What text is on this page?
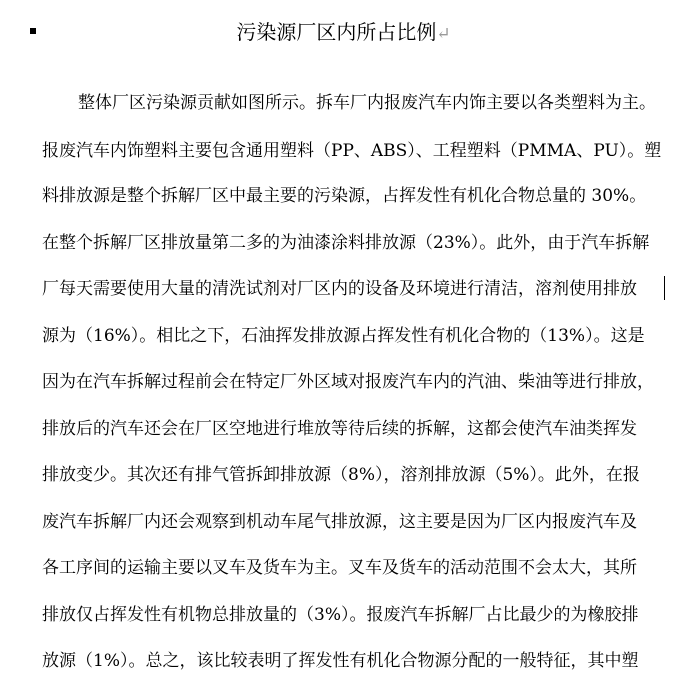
污染源厂区内所占比例↵
整体厂区污染源贡献如图所示。拆车厂内报废汽车内饰主要以各类塑料为主。
报废汽车内饰塑料主要包含通用塑料（PP、ABS）、工程塑料（PMMA、PU）。塑
料排放源是整个拆解厂区中最主要的污染源，占挥发性有机化合物总量的 30%。
在整个拆解厂区排放量第二多的为油漆涂料排放源（23%）。此外，由于汽车拆解
厂每天需要使用大量的清洗试剂对厂区内的设备及环境进行清洁，溶剂使用排放
源为（16%）。相比之下，石油挥发排放源占挥发性有机化合物的（13%）。这是
因为在汽车拆解过程前会在特定厂外区域对报废汽车内的汽油、柴油等进行排放，
排放后的汽车还会在厂区空地进行堆放等待后续的拆解，这都会使汽车油类挥发
排放变少。其次还有排气管拆卸排放源（8%），溶剂排放源（5%）。此外，在报
废汽车拆解厂内还会观察到机动车尾气排放源，这主要是因为厂区内报废汽车及
各工序间的运输主要以叉车及货车为主。叉车及货车的活动范围不会太大，其所
排放仅占挥发性有机物总排放量的（3%）。报废汽车拆解厂占比最少的为橡胶排
放源（1%）。总之，该比较表明了挥发性有机化合物源分配的一般特征，其中塑
